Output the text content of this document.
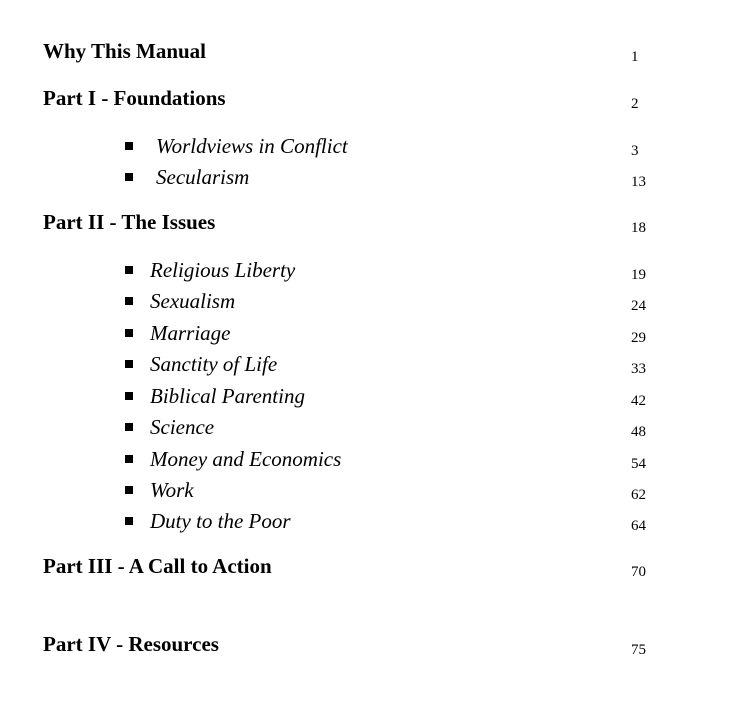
Why This Manual	1
Part I - Foundations	2
Worldviews in Conflict	3
Secularism	13
Part II - The Issues	18
Religious Liberty	19
Sexualism	24
Marriage	29
Sanctity of Life	33
Biblical Parenting	42
Science	48
Money and Economics	54
Work	62
Duty to the Poor	64
Part III - A Call to Action	70
Part IV - Resources	75
